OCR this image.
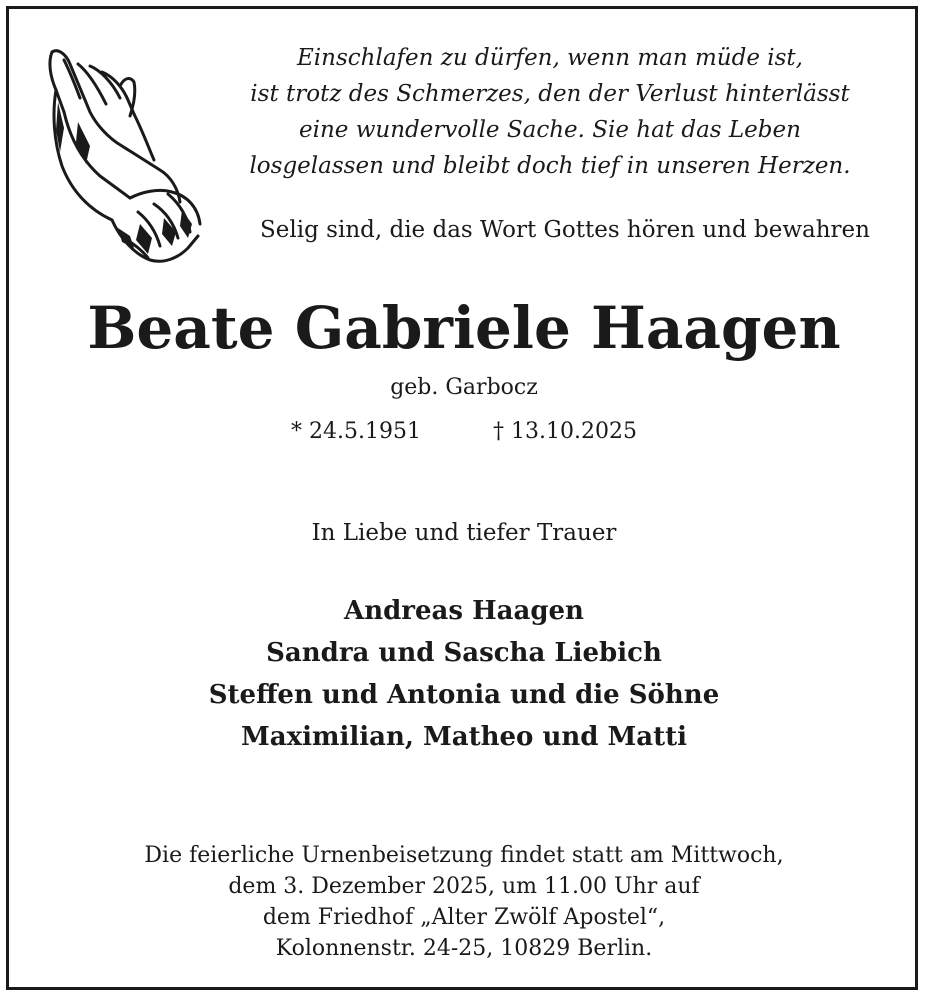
Einschlafen zu dürfen, wenn man müde ist,
ist trotz des Schmerzes, den der Verlust hinterlässt
eine wundervolle Sache. Sie hat das Leben
losgelassen und bleibt doch tief in unseren Herzen.
Selig sind, die das Wort Gottes hören und bewahren
Beate Gabriele Haagen
geb. Garbocz
* 24.5.1951	† 13.10.2025
In Liebe und tiefer Trauer
Andreas Haagen
Sandra und Sascha Liebich
Steffen und Antonia und die Söhne
Maximilian, Matheo und Matti
Die feierliche Urnenbeisetzung findet statt am Mittwoch,
dem 3. Dezember 2025, um 11.00 Uhr auf
dem Friedhof „Alter Zwölf Apostel“,
Kolonnenstr. 24-25, 10829 Berlin.
